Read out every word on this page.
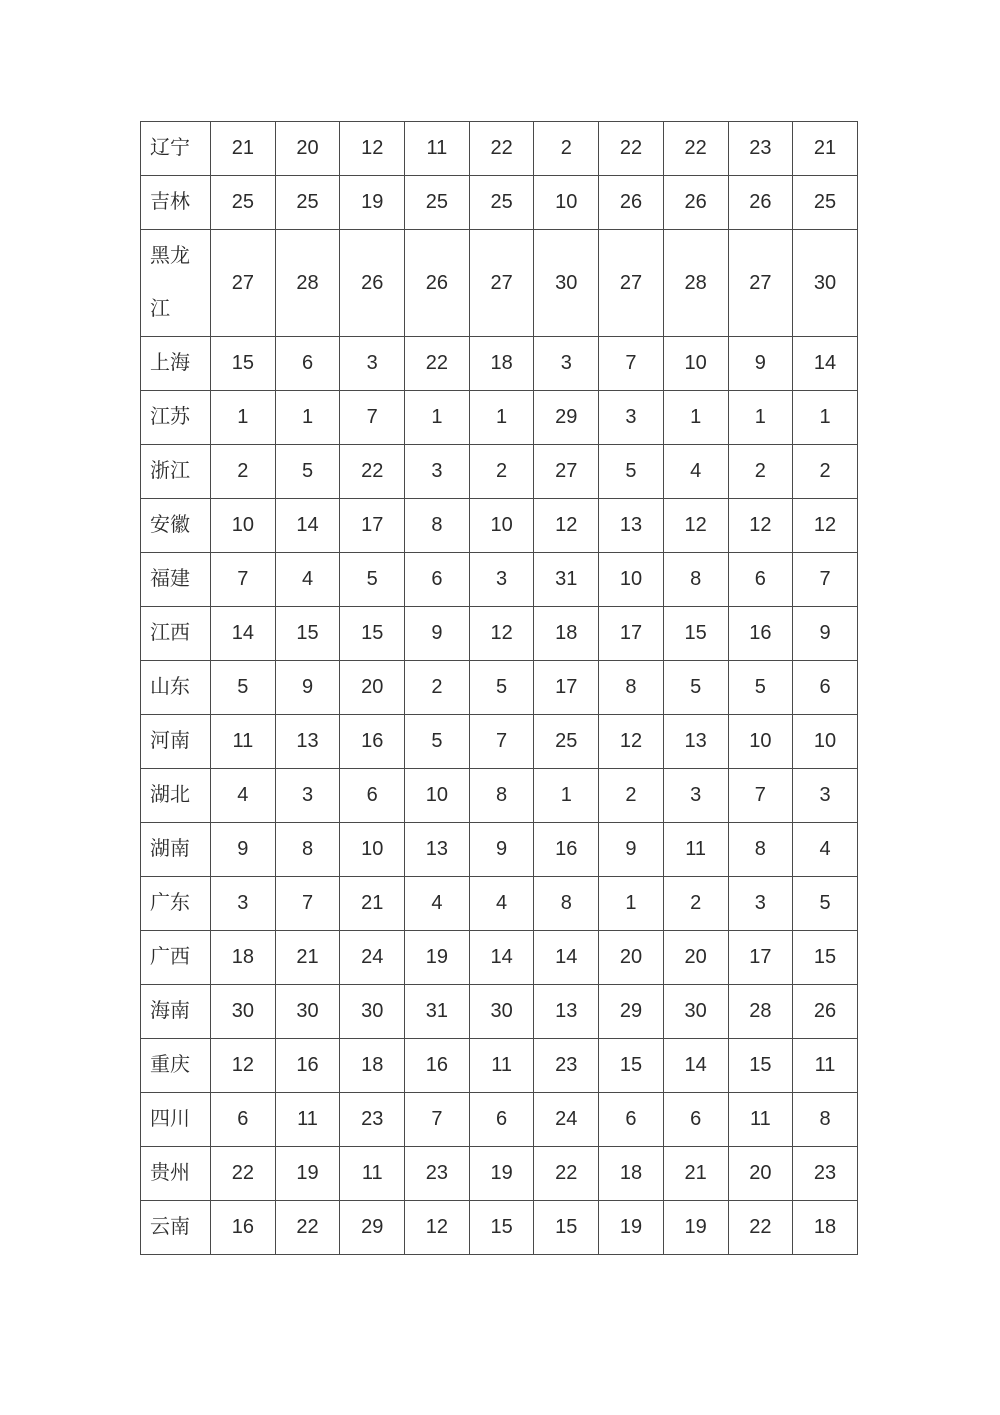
辽宁	21	20	12	11	22	2	22	22	23	21
吉林	25	25	19	25	25	10	26	26	26	25
黑龙江	27	28	26	26	27	30	27	28	27	30
上海	15	6	3	22	18	3	7	10	9	14
江苏	1	1	7	1	1	29	3	1	1	1
浙江	2	5	22	3	2	27	5	4	2	2
安徽	10	14	17	8	10	12	13	12	12	12
福建	7	4	5	6	3	31	10	8	6	7
江西	14	15	15	9	12	18	17	15	16	9
山东	5	9	20	2	5	17	8	5	5	6
河南	11	13	16	5	7	25	12	13	10	10
湖北	4	3	6	10	8	1	2	3	7	3
湖南	9	8	10	13	9	16	9	11	8	4
广东	3	7	21	4	4	8	1	2	3	5
广西	18	21	24	19	14	14	20	20	17	15
海南	30	30	30	31	30	13	29	30	28	26
重庆	12	16	18	16	11	23	15	14	15	11
四川	6	11	23	7	6	24	6	6	11	8
贵州	22	19	11	23	19	22	18	21	20	23
云南	16	22	29	12	15	15	19	19	22	18
